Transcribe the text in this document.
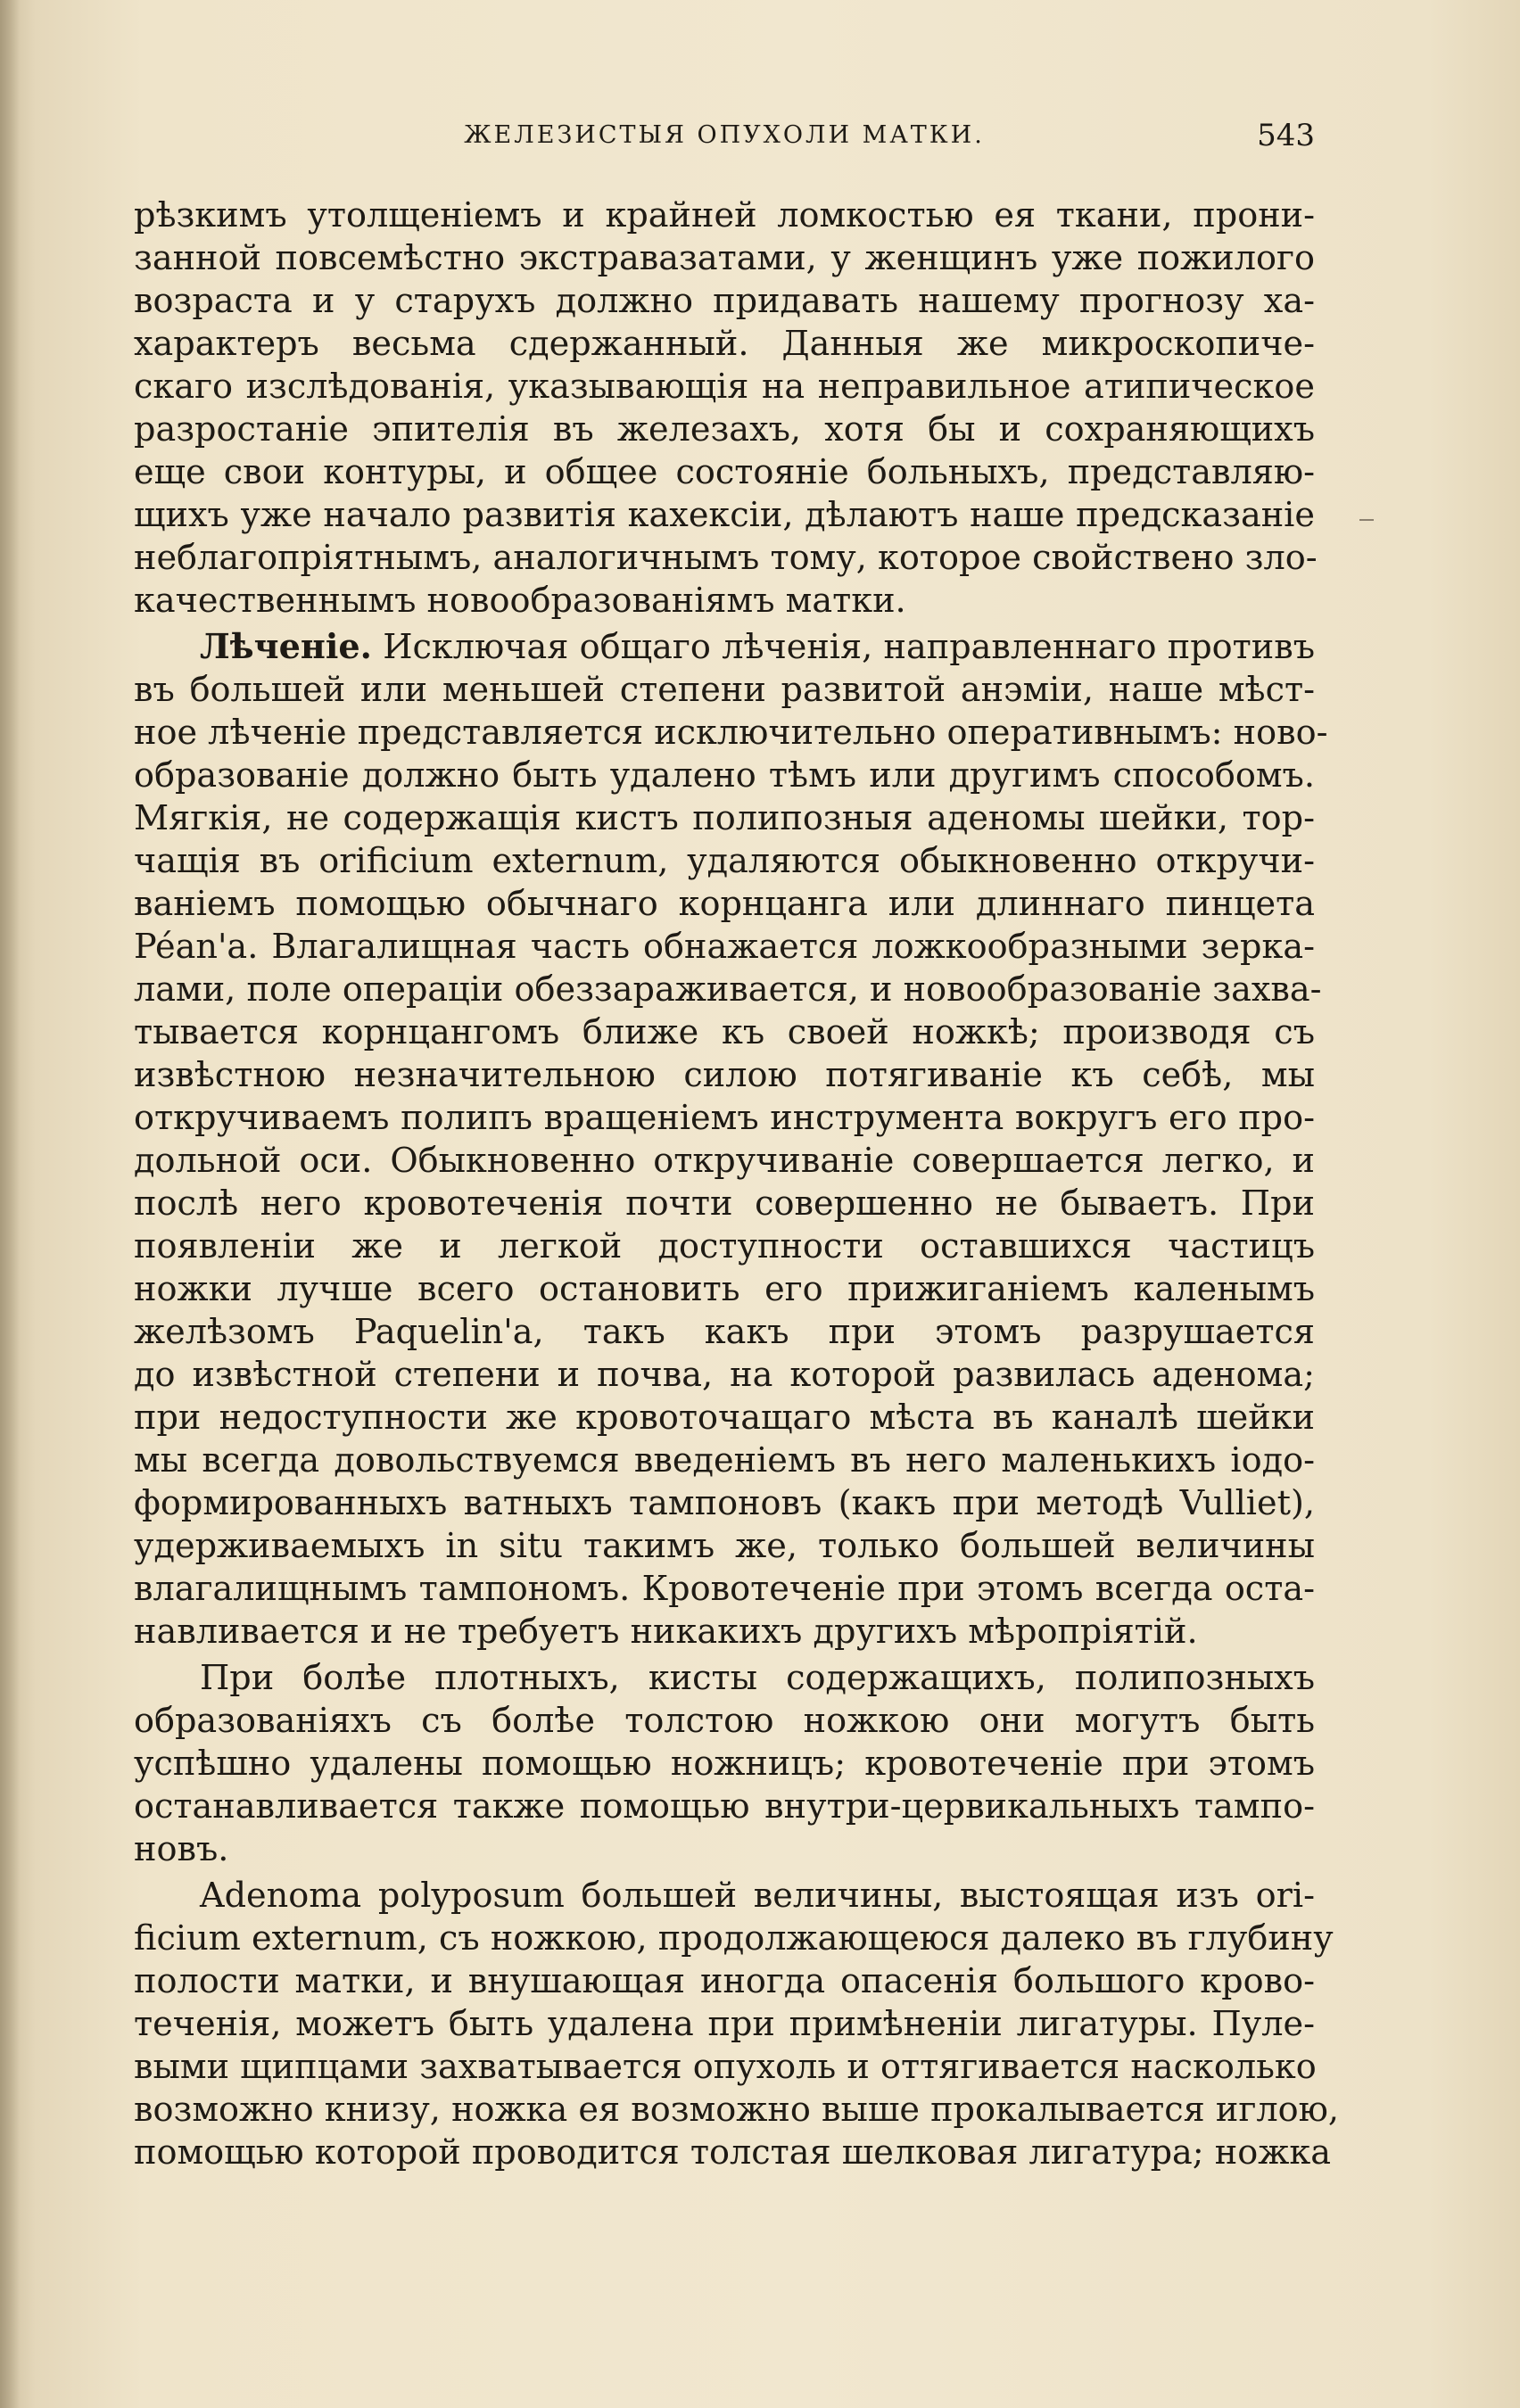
ЖЕЛЕЗИСТЫЯ ОПУХОЛИ МАТКИ.	543
рѣзкимъ утолщеніемъ и крайней ломкостью ея ткани, прони-
занной повсемѣстно экстравазатами, у женщинъ уже пожилого
возраста и у старухъ должно придавать нашему прогнозу ха-
характеръ весьма сдержанный. Данныя же микроскопиче-
скаго изслѣдованія, указывающія на неправильное атипическое
разростаніе эпителія въ железахъ, хотя бы и сохраняющихъ
еще свои контуры, и общее состояніе больныхъ, представляю-
щихъ уже начало развитія кахексіи, дѣлаютъ наше предсказаніе
неблагопріятнымъ, аналогичнымъ тому, которое свойствено зло-
качественнымъ новообразованіямъ матки.
Лѣченіе. Исключая общаго лѣченія, направленнаго противъ
въ большей или меньшей степени развитой анэміи, наше мѣст-
ное лѣченіе представляется исключительно оперативнымъ: ново-
образованіе должно быть удалено тѣмъ или другимъ способомъ.
Мягкія, не содержащія кистъ полипозныя аденомы шейки, тор-
чащія въ orificium externum, удаляются обыкновенно откручи-
ваніемъ помощью обычнаго корнцанга или длиннаго пинцета
Péan'а. Влагалищная часть обнажается ложкообразными зерка-
лами, поле операціи обеззараживается, и новообразованіе захва-
тывается корнцангомъ ближе къ своей ножкѣ; производя съ
извѣстною незначительною силою потягиваніе къ себѣ, мы
откручиваемъ полипъ вращеніемъ инструмента вокругъ его про-
дольной оси. Обыкновенно откручиваніе совершается легко, и
послѣ него кровотеченія почти совершенно не бываетъ. При
появленіи же и легкой доступности оставшихся частицъ
ножки лучше всего остановить его прижиганіемъ каленымъ
желѣзомъ Paquelin'а, такъ какъ при этомъ разрушается
до извѣстной степени и почва, на которой развилась аденома;
при недоступности же кровоточащаго мѣста въ каналѣ шейки
мы всегда довольствуемся введеніемъ въ него маленькихъ іодо-
формированныхъ ватныхъ тампоновъ (какъ при методѣ Vulliet),
удерживаемыхъ in situ такимъ же, только большей величины
влагалищнымъ тампономъ. Кровотеченіе при этомъ всегда оста-
навливается и не требуетъ никакихъ другихъ мѣропріятій.
При болѣе плотныхъ, кисты содержащихъ, полипозныхъ
образованіяхъ съ болѣе толстою ножкою они могутъ быть
успѣшно удалены помощью ножницъ; кровотеченіе при этомъ
останавливается также помощью внутри-цервикальныхъ тампо-
новъ.
Adenoma polyposum большей величины, выстоящая изъ ori-
ficium externum, съ ножкою, продолжающеюся далеко въ глубину
полости матки, и внушающая иногда опасенія большого крово-
теченія, можетъ быть удалена при примѣненіи лигатуры. Пуле-
выми щипцами захватывается опухоль и оттягивается насколько
возможно книзу, ножка ея возможно выше прокалывается иглою,
помощью которой проводится толстая шелковая лигатура; ножка
